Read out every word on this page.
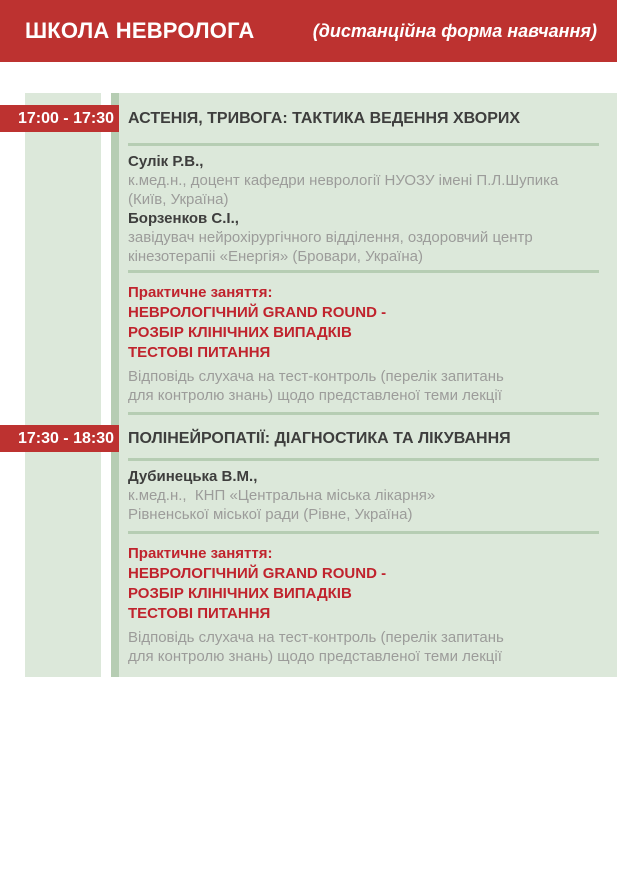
ШКОЛА НЕВРОЛОГА	(дистанційна форма навчання)
17:00 - 17:30
17:30 - 18:30
АСТЕНІЯ, ТРИВОГА: ТАКТИКА ВЕДЕННЯ ХВОРИХ

Сулік Р.В.,

к.мед.н., доцент кафедри неврології НУОЗУ імені П.Л.Шупика

(Київ, Україна)

Борзенков С.І.,

завідувач нейрохірургічного відділення, оздоровчий центр

кінезотерапіі «Енергія» (Бровари, Україна)

Практичне заняття:

НЕВРОЛОГІЧНИЙ GRAND ROUND -

РОЗБІР КЛІНІЧНИХ ВИПАДКІВ

ТЕСТОВІ ПИТАННЯ

Відповідь слухача на тест-контроль (перелік запитань

для контролю знань) щодо представленої теми лекції

ПОЛІНЕЙРОПАТІЇ: ДІАГНОСТИКА ТА ЛІКУВАННЯ

Дубинецька В.М.,

к.мед.н.,  КНП «Центральна міська лікарня»

Рівненської міської ради (Рівне, Україна)

Практичне заняття:

НЕВРОЛОГІЧНИЙ GRAND ROUND -

РОЗБІР КЛІНІЧНИХ ВИПАДКІВ

ТЕСТОВІ ПИТАННЯ

Відповідь слухача на тест-контроль (перелік запитань

для контролю знань) щодо представленої теми лекції
